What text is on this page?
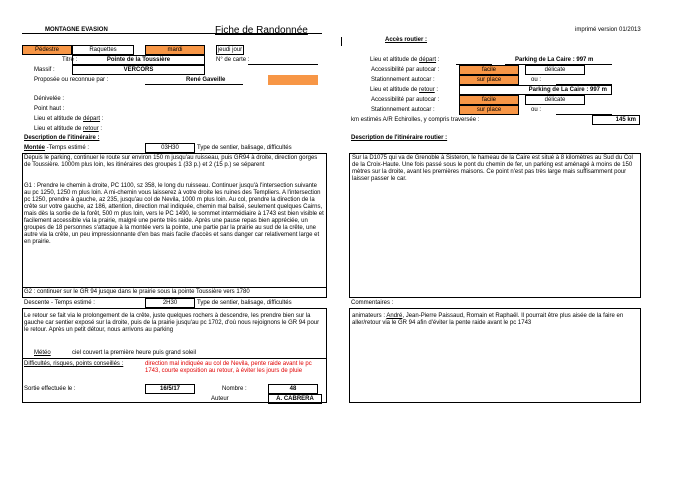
MONTAGNE EVASION	Fiche de Randonnée	imprimé version 01/2013
Pédestre	Raquettes	mardi	jeudi jour
Titre :	Pointe de la Toussière	N° de carte :
Massif :	VERCORS
Proposée ou reconnue par :	René Gaveille
Dénivelée :
Point haut :
Lieu et altitude de départ :
Lieu et altitude de retour :
Description de l'itinéraire :
Montée -Temps estimé :	03H30	Type de sentier, balisage, difficultés
Depuis le parking, continuer le route sur environ 150 m jusqu'au ruisseau, puis GR94 à droite, direction gorges de Toussière. 1000m plus loin, les itinéraires des groupes 1 (33 p.) et 2 (15 p.) se séparent
G1 : Prendre le chemin à droite, PC 1100, sz 358, le long du ruisseau. Continuer jusqu'à l'intersection suivante au pc 1250, 1250 m plus loin. A mi-chemin vous laisserez à votre droite les ruines des Templiers. A l'intersection pc 1250, prendre à gauche, az 235, jusqu'au col de Nevila, 1000 m plus loin. Au col, prendre la direction de la crête sur votre gauche, az 186, attention, direction mal indiquée, chemin mal balisé, seulement quelques Cairns, mais dès la sortie de la forêt, 500 m plus loin, vers le PC 1490, le sommet intermédiaire à 1743 est bien visible et facilement accessible via la prairie, malgré une pente très raide. Après une pause repas bien appréciée, un groupes de 18 personnes s'attaque à la montée vers la pointe, une partie par la prairie au sud de la crête, une autre via la crête, un peu impressionnante d'en bas mais facile d'accès et sans danger car relativement large et en prairie.
G2 : continuer sur le GR 94 jusque dans le prairie sous la pointe Toussière vers 1780
Descente - Temps estimé :	2H30	Type de sentier, balisage, difficultés
Le retour se fait via le prolongement de la crête, juste quelques rochers à descendre, les prendre bien sur la gauche car sentier exposé sur la droite, puis de la prairie jusqu'au pc 1702, d'où nous rejoignons le GR 94 pour le retour. Après un petit détour, nous arrivons au parking
Météo	ciel couvert la première heure puis grand soleil
Difficultés, risques, points conseillés :	direction mal indiquée au col de Nevila, pente raide avant le pc 1743, courte exposition au retour, à éviter les jours de pluie
Sortie effectuée le :	16/5/17	Nombre :	48
Auteur	A. CABRERA
Accès routier :
Lieu et altitude de départ :	Parking de La Caire : 997 m
Accessibilité par autocar :	facile	délicate
Stationnement autocar :	sur place	ou :
Lieu et altitude de retour :	Parking de La Caire : 997 m
Accessibilité par autocar :	facile	délicate
Stationnement autocar :	sur place	ou :
km estimés A/R Echirolles, y compris traversée :	145 km
Description de l'itinéraire routier :
Sur la D1075 qui va de Grenoble à Sisteron, le hameau de la Caire est situé à 8 kilomètres au Sud du Col de la Croix-Haute. Une fois passé sous le pont du chemin de fer, un parking est aménagé à moins de 150 mètres sur la droite, avant les premières maisons. Ce point n'est pas très large mais suffisamment pour laisser passer le car.
Commentaires :
animateurs : André, Jean-Pierre Paissaud, Romain et Raphaël. Il pourrait être plus aisée de la faire en aller/retour via le GR 94 afin d'éviter la pente raide avant le pc 1743
